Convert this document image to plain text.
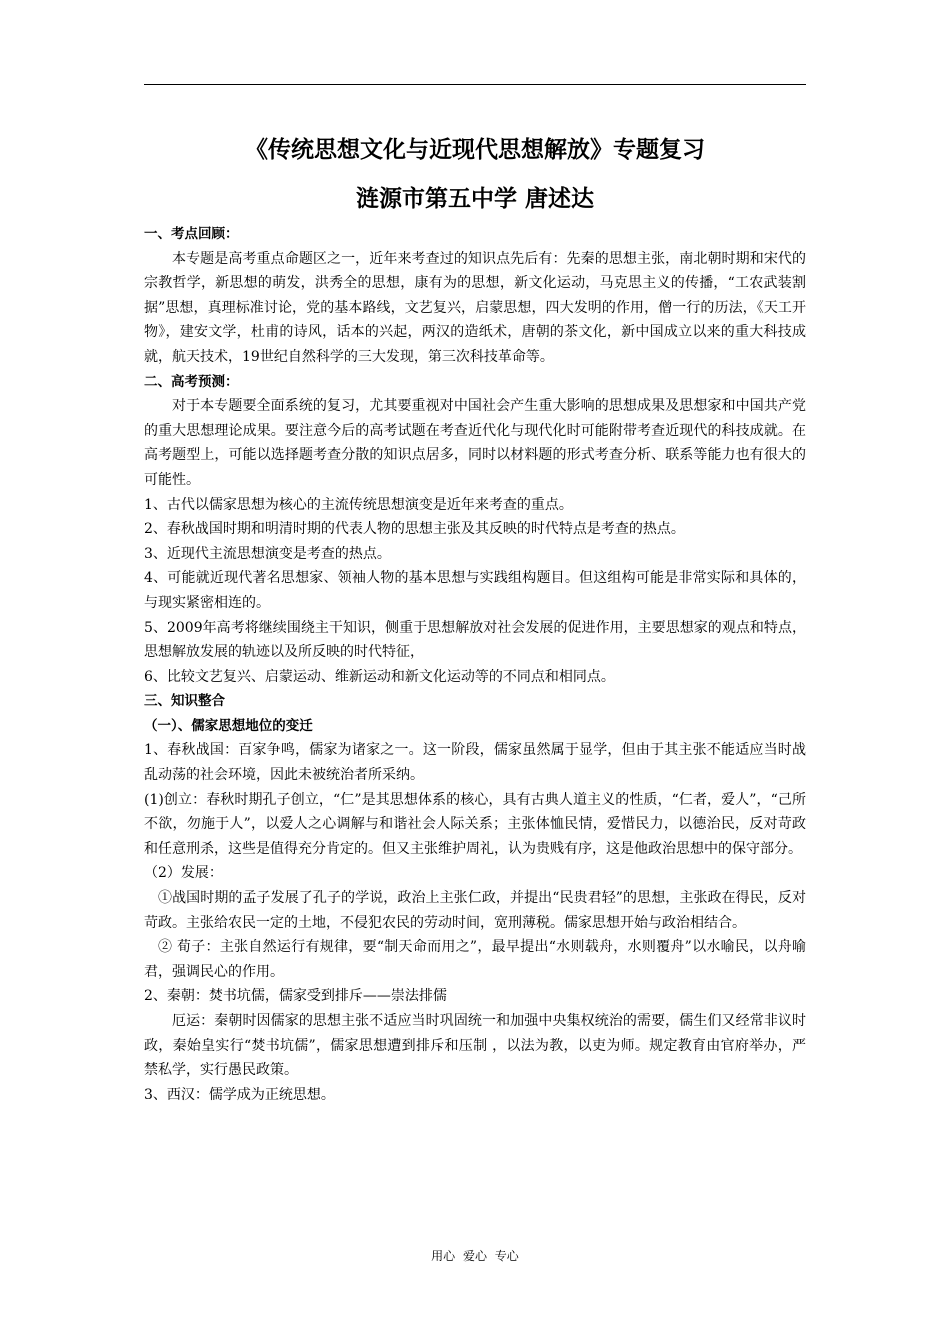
《传统思想文化与近现代思想解放》专题复习
涟源市第五中学 唐述达

一、考点回顾：

本专题是高考重点命题区之一，近年来考查过的知识点先后有：先秦的思想主张，南北朝时期和宋代的宗教哲学，新思想的萌发，洪秀全的思想，康有为的思想，新文化运动，马克思主义的传播，“工农武装割据”思想，真理标准讨论，党的基本路线，文艺复兴，启蒙思想，四大发明的作用，僧一行的历法，《天工开物》，建安文学，杜甫的诗风，话本的兴起，两汉的造纸术，唐朝的茶文化，新中国成立以来的重大科技成就，航天技术，19世纪自然科学的三大发现，第三次科技革命等。

二、高考预测：

对于本专题要全面系统的复习，尤其要重视对中国社会产生重大影响的思想成果及思想家和中国共产党的重大思想理论成果。要注意今后的高考试题在考查近代化与现代化时可能附带考查近现代的科技成就。在高考题型上，可能以选择题考查分散的知识点居多，同时以材料题的形式考查分析、联系等能力也有很大的可能性。

1、古代以儒家思想为核心的主流传统思想演变是近年来考查的重点。

2、春秋战国时期和明清时期的代表人物的思想主张及其反映的时代特点是考查的热点。

3、近现代主流思想演变是考查的热点。

4、可能就近现代著名思想家、领袖人物的基本思想与实践组构题目。但这组构可能是非常实际和具体的，与现实紧密相连的。

5、2009年高考将继续围绕主干知识，侧重于思想解放对社会发展的促进作用，主要思想家的观点和特点，思想解放发展的轨迹以及所反映的时代特征，

6、比较文艺复兴、启蒙运动、维新运动和新文化运动等的不同点和相同点。

三、知识整合

（一）、儒家思想地位的变迁

1、春秋战国：百家争鸣，儒家为诸家之一。这一阶段，儒家虽然属于显学，但由于其主张不能适应当时战乱动荡的社会环境，因此未被统治者所采纳。

(1)创立：春秋时期孔子创立，“仁”是其思想体系的核心，具有古典人道主义的性质，“仁者，爱人”，“己所不欲，勿施于人”，以爱人之心调解与和谐社会人际关系；主张体恤民情，爱惜民力，以德治民，反对苛政和任意刑杀，这些是值得充分肯定的。但又主张维护周礼，认为贵贱有序，这是他政治思想中的保守部分。

（2）发展：

①战国时期的孟子发展了孔子的学说，政治上主张仁政，并提出“民贵君轻”的思想，主张政在得民，反对苛政。主张给农民一定的土地，不侵犯农民的劳动时间，宽刑薄税。儒家思想开始与政治相结合。

② 荀子：主张自然运行有规律，要“制天命而用之”，最早提出“水则载舟，水则覆舟”以水喻民，以舟喻君，强调民心的作用。

2、秦朝：焚书坑儒，儒家受到排斥——崇法排儒

厄运：秦朝时因儒家的思想主张不适应当时巩固统一和加强中央集权统治的需要，儒生们又经常非议时政，秦始皇实行“焚书坑儒”，儒家思想遭到排斥和压制 ，以法为教，以吏为师。规定教育由官府举办，严禁私学，实行愚民政策。

3、西汉：儒学成为正统思想。

用心 爱心 专心
